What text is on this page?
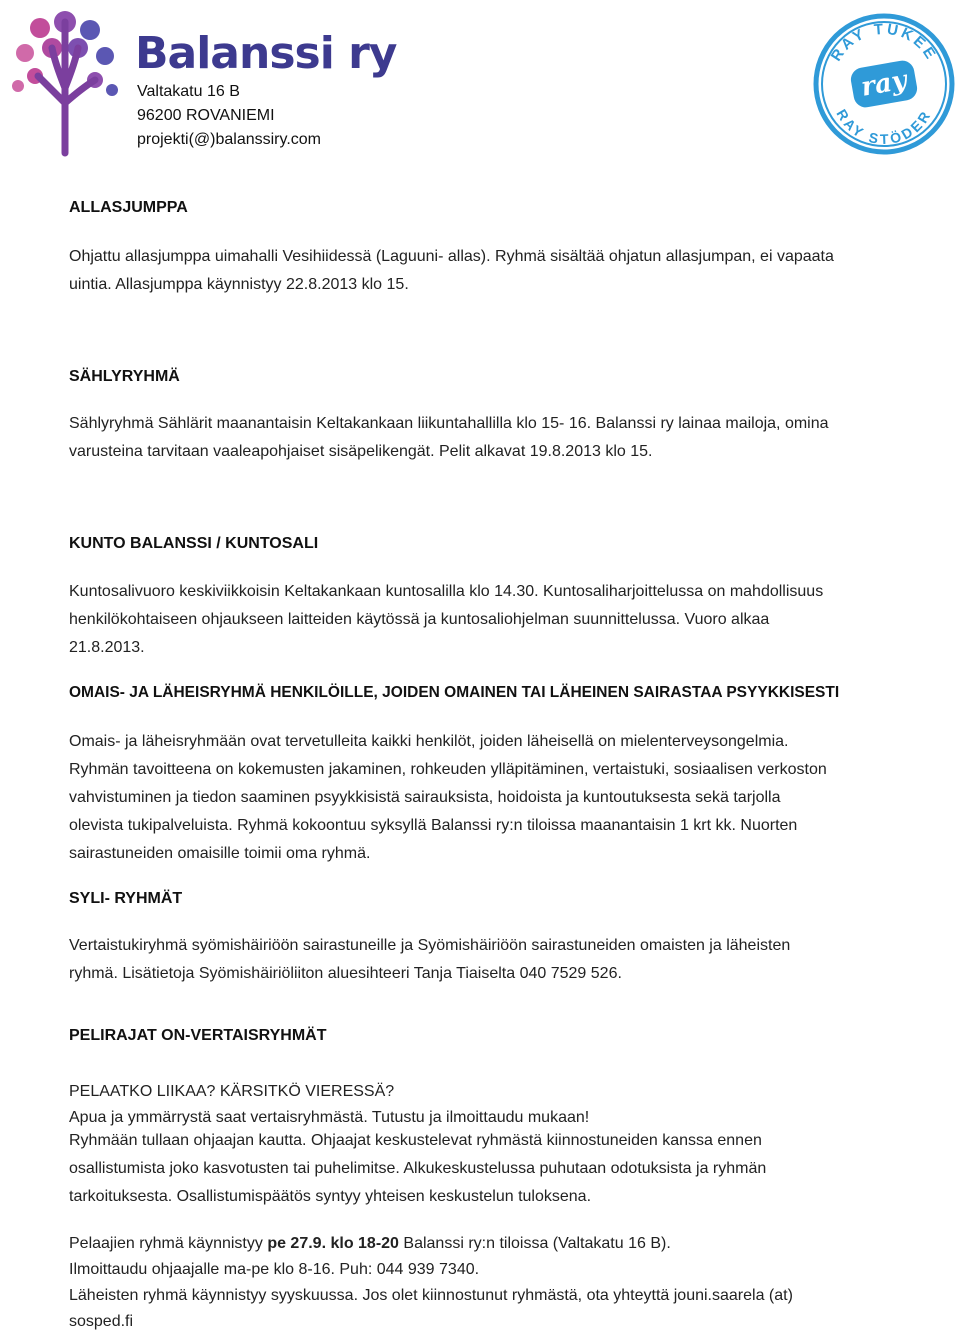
Balanssi ry
Valtakatu 16 B
96200 ROVANIEMI
projekti(@)balanssiry.com
RAY TUKEE
RAY STÖDER
ray
ALLASJUMPPA
Ohjattu allasjumppa uimahalli Vesihiidessä (Laguuni- allas). Ryhmä sisältää ohjatun allasjumpan, ei vapaata
uintia. Allasjumppa käynnistyy 22.8.2013 klo 15.
SÄHLYRYHMÄ
Sählyryhmä Sählärit maanantaisin Keltakankaan liikuntahallilla klo 15- 16. Balanssi ry lainaa mailoja, omina
varusteina tarvitaan vaaleapohjaiset sisäpelikengät. Pelit alkavat 19.8.2013 klo 15.
KUNTO BALANSSI / KUNTOSALI
Kuntosalivuoro keskiviikkoisin Keltakankaan kuntosalilla klo 14.30. Kuntosaliharjoittelussa on mahdollisuus
henkilökohtaiseen ohjaukseen laitteiden käytössä ja kuntosaliohjelman suunnittelussa. Vuoro alkaa
21.8.2013.
OMAIS- JA LÄHEISRYHMÄ HENKILÖILLE, JOIDEN OMAINEN TAI LÄHEINEN SAIRASTAA PSYYKKISESTI
Omais- ja läheisryhmään ovat tervetulleita kaikki henkilöt, joiden läheisellä on mielenterveysongelmia.
Ryhmän tavoitteena on kokemusten jakaminen, rohkeuden ylläpitäminen, vertaistuki, sosiaalisen verkoston
vahvistuminen ja tiedon saaminen psyykkisistä sairauksista, hoidoista ja kuntoutuksesta sekä tarjolla
olevista tukipalveluista. Ryhmä kokoontuu syksyllä Balanssi ry:n tiloissa maanantaisin 1 krt kk. Nuorten
sairastuneiden omaisille toimii oma ryhmä.
SYLI- RYHMÄT
Vertaistukiryhmä syömishäiriöön sairastuneille ja Syömishäiriöön sairastuneiden omaisten ja läheisten
ryhmä. Lisätietoja Syömishäiriöliiton aluesihteeri Tanja Tiaiselta 040 7529 526.
PELIRAJAT ON-VERTAISRYHMÄT
PELAATKO LIIKAA? KÄRSITKÖ VIERESSÄ?
Apua ja ymmärrystä saat vertaisryhmästä. Tutustu ja ilmoittaudu mukaan!
Ryhmään tullaan ohjaajan kautta. Ohjaajat keskustelevat ryhmästä kiinnostuneiden kanssa ennen
osallistumista joko kasvotusten tai puhelimitse. Alkukeskustelussa puhutaan odotuksista ja ryhmän
tarkoituksesta. Osallistumispäätös syntyy yhteisen keskustelun tuloksena.
Pelaajien ryhmä käynnistyy pe 27.9. klo 18-20 Balanssi ry:n tiloissa (Valtakatu 16 B).
Ilmoittaudu ohjaajalle ma-pe klo 8-16. Puh: 044 939 7340.
Läheisten ryhmä käynnistyy syyskuussa. Jos olet kiinnostunut ryhmästä, ota yhteyttä jouni.saarela (at)
sosped.fi
